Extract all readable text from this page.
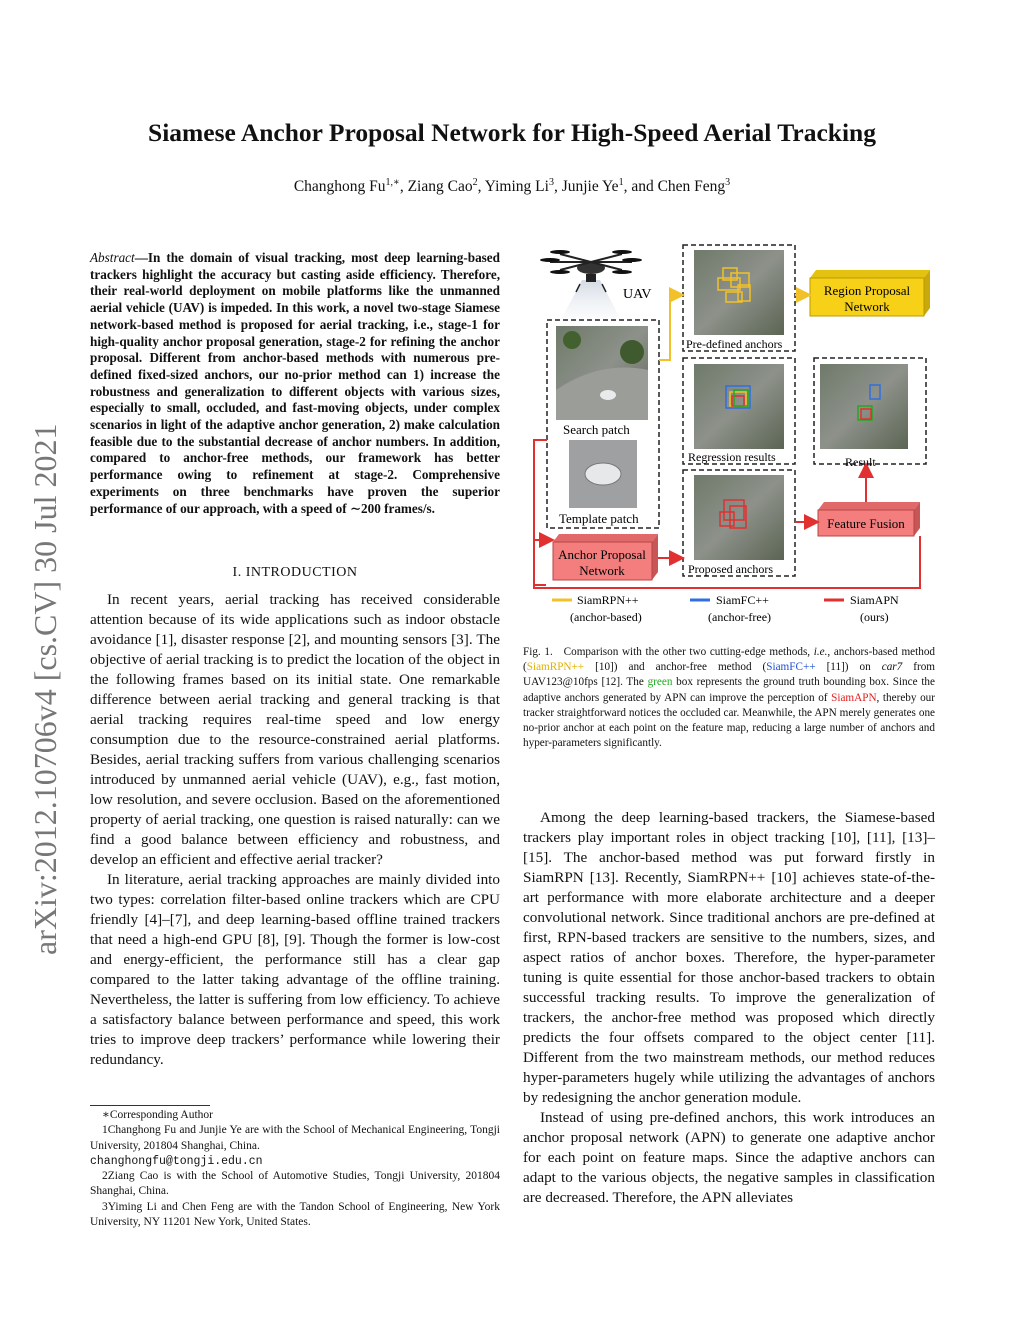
arXiv:2012.10706v4 [cs.CV] 30 Jul 2021
Siamese Anchor Proposal Network for High-Speed Aerial Tracking
Changhong $Fu^{1,∗}$, Ziang Cao$^2$, Yiming Li$^3$, Junjie Ye$^1$, and Chen Feng$^3$
Abstract—In the domain of visual tracking, most deep learning-based trackers highlight the accuracy but casting aside efficiency. Therefore, their real-world deployment on mobile platforms like the unmanned aerial vehicle (UAV) is impeded. In this work, a novel two-stage Siamese network-based method is proposed for aerial tracking, i.e., stage-1 for high-quality anchor proposal generation, stage-2 for refining the anchor proposal. Different from anchor-based methods with numerous pre-defined fixed-sized anchors, our no-prior method can 1) increase the robustness and generalization to different objects with various sizes, especially to small, occluded, and fast-moving objects, under complex scenarios in light of the adaptive anchor generation, 2) make calculation feasible due to the substantial decrease of anchor numbers. In addition, compared to anchor-free methods, our framework has better performance owing to refinement at stage-2. Comprehensive experiments on three benchmarks have proven the superior performance of our approach, with a speed of ∼200 frames/s.
I. INTRODUCTION

In recent years, aerial tracking has received considerable attention because of its wide applications such as indoor obstacle avoidance [1], disaster response [2], and mounting sensors [3]. The objective of aerial tracking is to predict the location of the object in the following frames based on its initial state. One remarkable difference between aerial tracking and general tracking is that aerial tracking requires real-time speed and low energy consumption due to the resource-constrained aerial platforms. Besides, aerial tracking suffers from various challenging scenarios introduced by unmanned aerial vehicle (UAV), e.g., fast motion, low resolution, and severe occlusion. Based on the aforementioned property of aerial tracking, one question is raised naturally: can we find a good balance between efficiency and robustness, and develop an efficient and effective aerial tracker?

In literature, aerial tracking approaches are mainly divided into two types: correlation filter-based online trackers which are CPU friendly [4]–[7], and deep learning-based offline trained trackers that need a high-end GPU [8], [9]. Though the former is low-cost and energy-efficient, the performance still has a clear gap compared to the latter taking advantage of the offline training. Nevertheless, the latter is suffering from low efficiency. To achieve a satisfactory balance between performance and speed, this work tries to improve deep trackers’ performance while lowering their redundancy.

∗Corresponding Author
1Changhong Fu and Junjie Ye are with the School of Mechanical Engineering, Tongji University, 201804 Shanghai, China.
changhongfu@tongji.edu.cn
2Ziang Cao is with the School of Automotive Studies, Tongji University, 201804 Shanghai, China.
3Yiming Li and Chen Feng are with the Tandon School of Engineering, New York University, NY 11201 New York, United States.
UAV
Search patch
Template patch
Pre-defined anchors
Regression results
Proposed anchors
Result
Region Proposal
Network
Feature Fusion
Anchor Proposal
Network
SiamRPN++
(anchor-based)
SiamFC++
(anchor-free)
SiamAPN
(ours)
Fig. 1. Comparison with the other two cutting-edge methods, i.e., anchors-based method (SiamRPN++ [10]) and anchor-free method (SiamFC++ [11]) on car7 from UAV123@10fps [12]. The green box represents the ground truth bounding box. Since the adaptive anchors generated by APN can improve the perception of SiamAPN, thereby our tracker straightforward notices the occluded car. Meanwhile, the APN merely generates one no-prior anchor at each point on the feature map, reducing a large number of anchors and hyper-parameters significantly.

Among the deep learning-based trackers, the Siamese-based trackers play important roles in object tracking [10], [11], [13]–[15]. The anchor-based method was put forward firstly in SiamRPN [13]. Recently, SiamRPN++ [10] achieves state-of-the-art performance with more elaborate architecture and a deeper convolutional network. Since traditional anchors are pre-defined at first, RPN-based trackers are sensitive to the numbers, sizes, and aspect ratios of anchor boxes. Therefore, the hyper-parameter tuning is quite essential for those anchor-based trackers to obtain successful tracking results. To improve the generalization of trackers, the anchor-free method was proposed which directly predicts the four offsets compared to the object center [11]. Different from the two mainstream methods, our method reduces hyper-parameters hugely while utilizing the advantages of anchors by redesigning the anchor generation module.

Instead of using pre-defined anchors, this work introduces an anchor proposal network (APN) to generate one adaptive anchor for each point on feature maps. Since the adaptive anchors can adapt to the various objects, the negative samples in classification are decreased. Therefore, the APN alleviates
